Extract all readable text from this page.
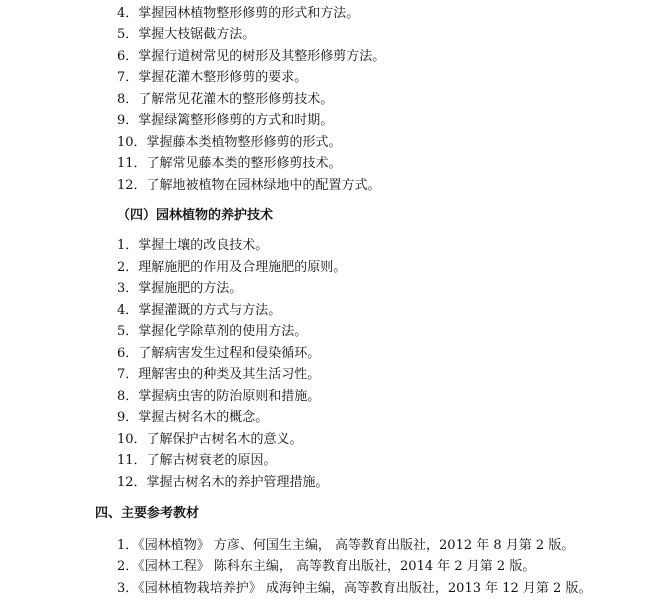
4．掌握园林植物整形修剪的形式和方法。
5．掌握大枝锯截方法。
6．掌握行道树常见的树形及其整形修剪方法。
7．掌握花灌木整形修剪的要求。
8．了解常见花灌木的整形修剪技术。
9．掌握绿篱整形修剪的方式和时期。
10．掌握藤本类植物整形修剪的形式。
11．了解常见藤本类的整形修剪技术。
12．了解地被植物在园林绿地中的配置方式。
（四）园林植物的养护技术
1．掌握土壤的改良技术。
2．理解施肥的作用及合理施肥的原则。
3．掌握施肥的方法。
4．掌握灌溉的方式与方法。
5．掌握化学除草剂的使用方法。
6．了解病害发生过程和侵染循环。
7．理解害虫的种类及其生活习性。
8．掌握病虫害的防治原则和措施。
9．掌握古树名木的概念。
10．了解保护古树名木的意义。
11．了解古树衰老的原因。
12．掌握古树名木的养护管理措施。
四、主要参考教材
1．《园林植物》 方彦、何国生主编， 高等教育出版社，2012 年 8 月第 2 版。
2．《园林工程》 陈科东主编， 高等教育出版社，2014 年 2 月第 2 版。
3．《园林植物栽培养护》 成海钟主编，高等教育出版社，2013 年 12 月第 2 版。
